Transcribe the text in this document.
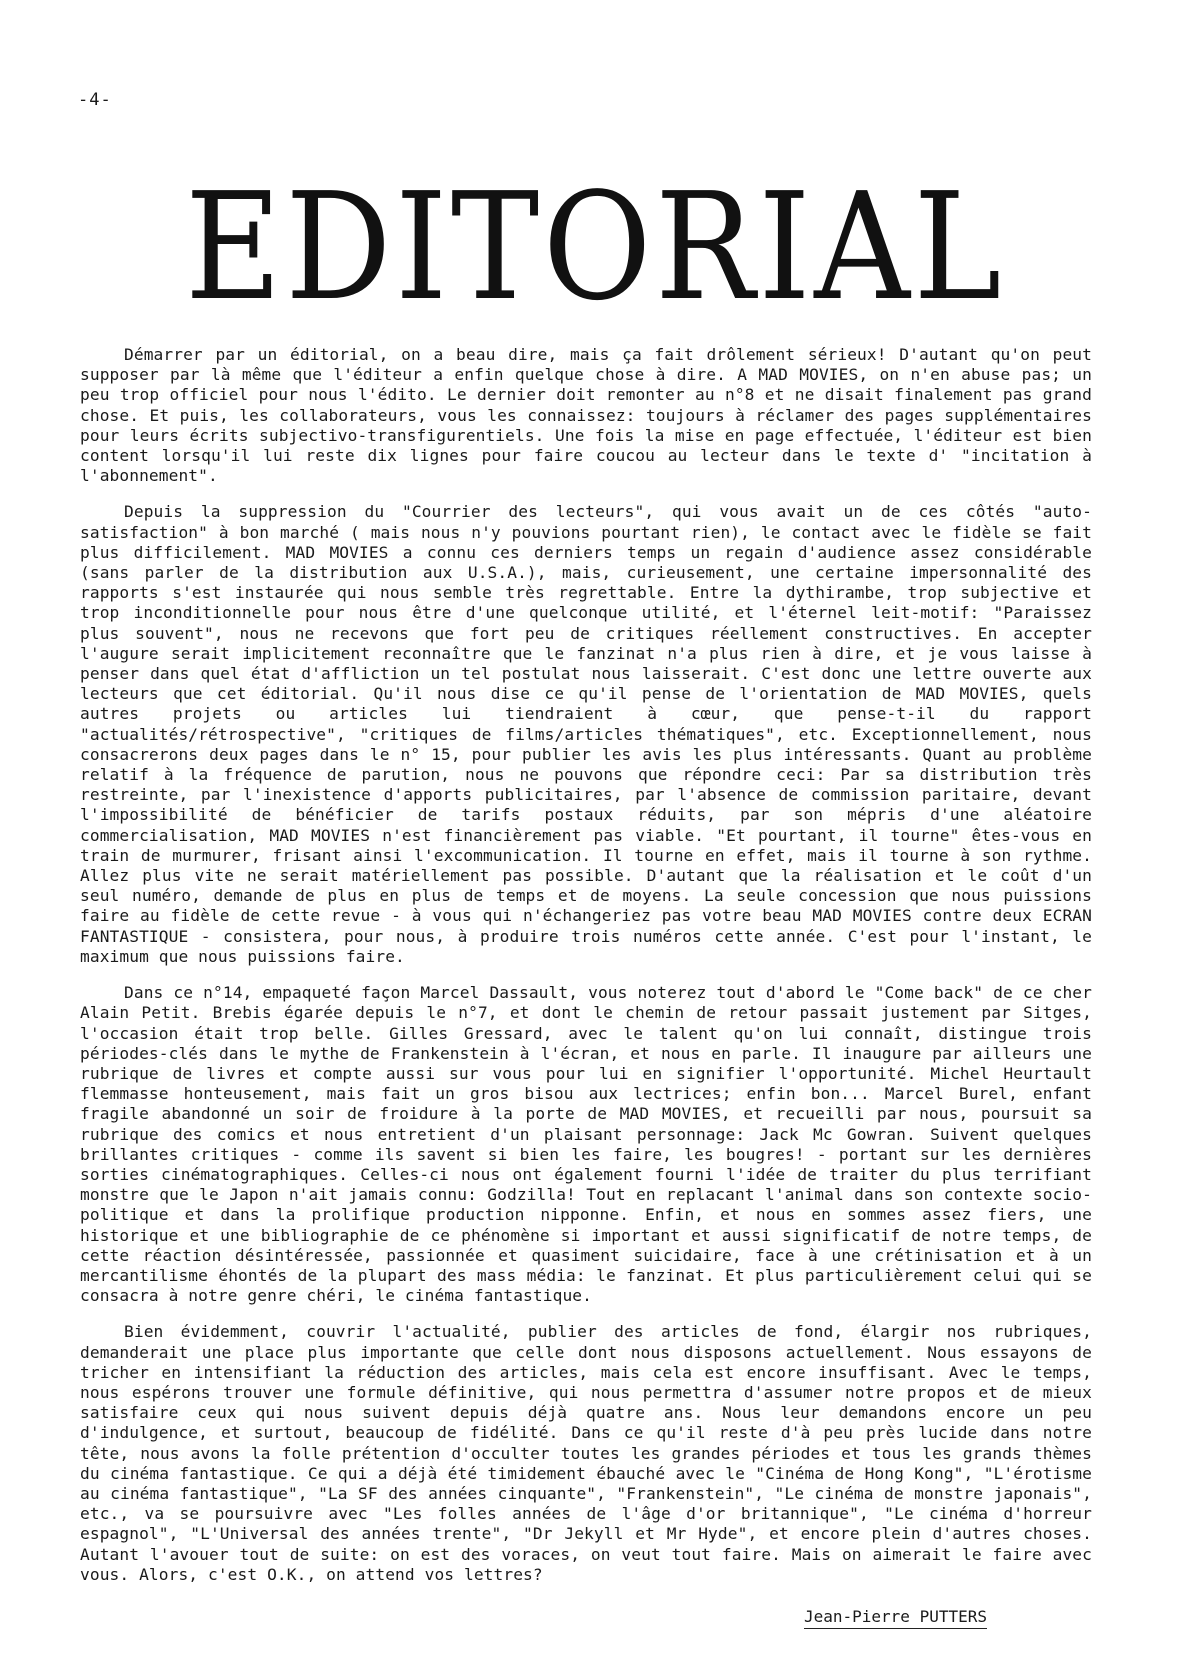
-4-
EDITORIAL

Démarrer par un éditorial, on a beau dire, mais ça fait drôlement sérieux! D'autant qu'on peut supposer par là même que l'éditeur a enfin quelque chose à dire. A MAD MOVIES, on n'en abuse pas; un peu trop officiel pour nous l'édito. Le dernier doit remonter au n°8 et ne disait finalement pas grand chose. Et puis, les collaborateurs, vous les connaissez: toujours à réclamer des pages supplémentaires pour leurs écrits subjectivo-transfigurentiels. Une fois la mise en page effectuée, l'éditeur est bien content lorsqu'il lui reste dix lignes pour faire coucou au lecteur dans le texte d' "incitation à l'abonnement".

Depuis la suppression du "Courrier des lecteurs", qui vous avait un de ces côtés "auto-satisfaction" à bon marché ( mais nous n'y pouvions pourtant rien), le contact avec le fidèle se fait plus difficilement. MAD MOVIES a connu ces derniers temps un regain d'audience assez considérable (sans parler de la distribution aux U.S.A.), mais, curieusement, une certaine impersonnalité des rapports s'est instaurée qui nous semble très regrettable. Entre la dythirambe, trop subjective et trop inconditionnelle pour nous être d'une quelconque utilité, et l'éternel leit-motif: "Paraissez plus souvent", nous ne recevons que fort peu de critiques réellement constructives. En accepter l'augure serait implicitement reconnaître que le fanzinat n'a plus rien à dire, et je vous laisse à penser dans quel état d'affliction un tel postulat nous laisserait. C'est donc une lettre ouverte aux lecteurs que cet éditorial. Qu'il nous dise ce qu'il pense de l'orientation de MAD MOVIES, quels autres projets ou articles lui tiendraient à cœur, que pense-t-il du rapport "actualités/rétrospective", "critiques de films/articles thématiques", etc. Exceptionnellement, nous consacrerons deux pages dans le n° 15, pour publier les avis les plus intéressants. Quant au problème relatif à la fréquence de parution, nous ne pouvons que répondre ceci: Par sa distribution très restreinte, par l'inexistence d'apports publicitaires, par l'absence de commission paritaire, devant l'impossibilité de bénéficier de tarifs postaux réduits, par son mépris d'une aléatoire commercialisation, MAD MOVIES n'est financièrement pas viable. "Et pourtant, il tourne" êtes-vous en train de murmurer, frisant ainsi l'excommunication. Il tourne en effet, mais il tourne à son rythme. Allez plus vite ne serait matériellement pas possible. D'autant que la réalisation et le coût d'un seul numéro, demande de plus en plus de temps et de moyens. La seule concession que nous puissions faire au fidèle de cette revue - à vous qui n'échangeriez pas votre beau MAD MOVIES contre deux ECRAN FANTASTIQUE - consistera, pour nous, à produire trois numéros cette année. C'est pour l'instant, le maximum que nous puissions faire.

Dans ce n°14, empaqueté façon Marcel Dassault, vous noterez tout d'abord le "Come back" de ce cher Alain Petit. Brebis égarée depuis le n°7, et dont le chemin de retour passait justement par Sitges, l'occasion était trop belle. Gilles Gressard, avec le talent qu'on lui connaît, distingue trois périodes-clés dans le mythe de Frankenstein à l'écran, et nous en parle. Il inaugure par ailleurs une rubrique de livres et compte aussi sur vous pour lui en signifier l'opportunité. Michel Heurtault flemmasse honteusement, mais fait un gros bisou aux lectrices; enfin bon... Marcel Burel, enfant fragile abandonné un soir de froidure à la porte de MAD MOVIES, et recueilli par nous, poursuit sa rubrique des comics et nous entretient d'un plaisant personnage: Jack Mc Gowran. Suivent quelques brillantes critiques - comme ils savent si bien les faire, les bougres! - portant sur les dernières sorties cinématographiques. Celles-ci nous ont également fourni l'idée de traiter du plus terrifiant monstre que le Japon n'ait jamais connu: Godzilla! Tout en replacant l'animal dans son contexte socio-politique et dans la prolifique production nipponne. Enfin, et nous en sommes assez fiers, une historique et une bibliographie de ce phénomène si important et aussi significatif de notre temps, de cette réaction désintéressée, passionnée et quasiment suicidaire, face à une crétinisation et à un mercantilisme éhontés de la plupart des mass média: le fanzinat. Et plus particulièrement celui qui se consacra à notre genre chéri, le cinéma fantastique.

Bien évidemment, couvrir l'actualité, publier des articles de fond, élargir nos rubriques, demanderait une place plus importante que celle dont nous disposons actuellement. Nous essayons de tricher en intensifiant la réduction des articles, mais cela est encore insuffisant. Avec le temps, nous espérons trouver une formule définitive, qui nous permettra d'assumer notre propos et de mieux satisfaire ceux qui nous suivent depuis déjà quatre ans. Nous leur demandons encore un peu d'indulgence, et surtout, beaucoup de fidélité. Dans ce qu'il reste d'à peu près lucide dans notre tête, nous avons la folle prétention d'occulter toutes les grandes périodes et tous les grands thèmes du cinéma fantastique. Ce qui a déjà été timidement ébauché avec le "Cinéma de Hong Kong", "L'érotisme au cinéma fantastique", "La SF des années cinquante", "Frankenstein", "Le cinéma de monstre japonais", etc., va se poursuivre avec "Les folles années de l'âge d'or britannique", "Le cinéma d'horreur espagnol", "L'Universal des années trente", "Dr Jekyll et Mr Hyde", et encore plein d'autres choses. Autant l'avouer tout de suite: on est des voraces, on veut tout faire. Mais on aimerait le faire avec vous. Alors, c'est O.K., on attend vos lettres?

Jean-Pierre PUTTERS
